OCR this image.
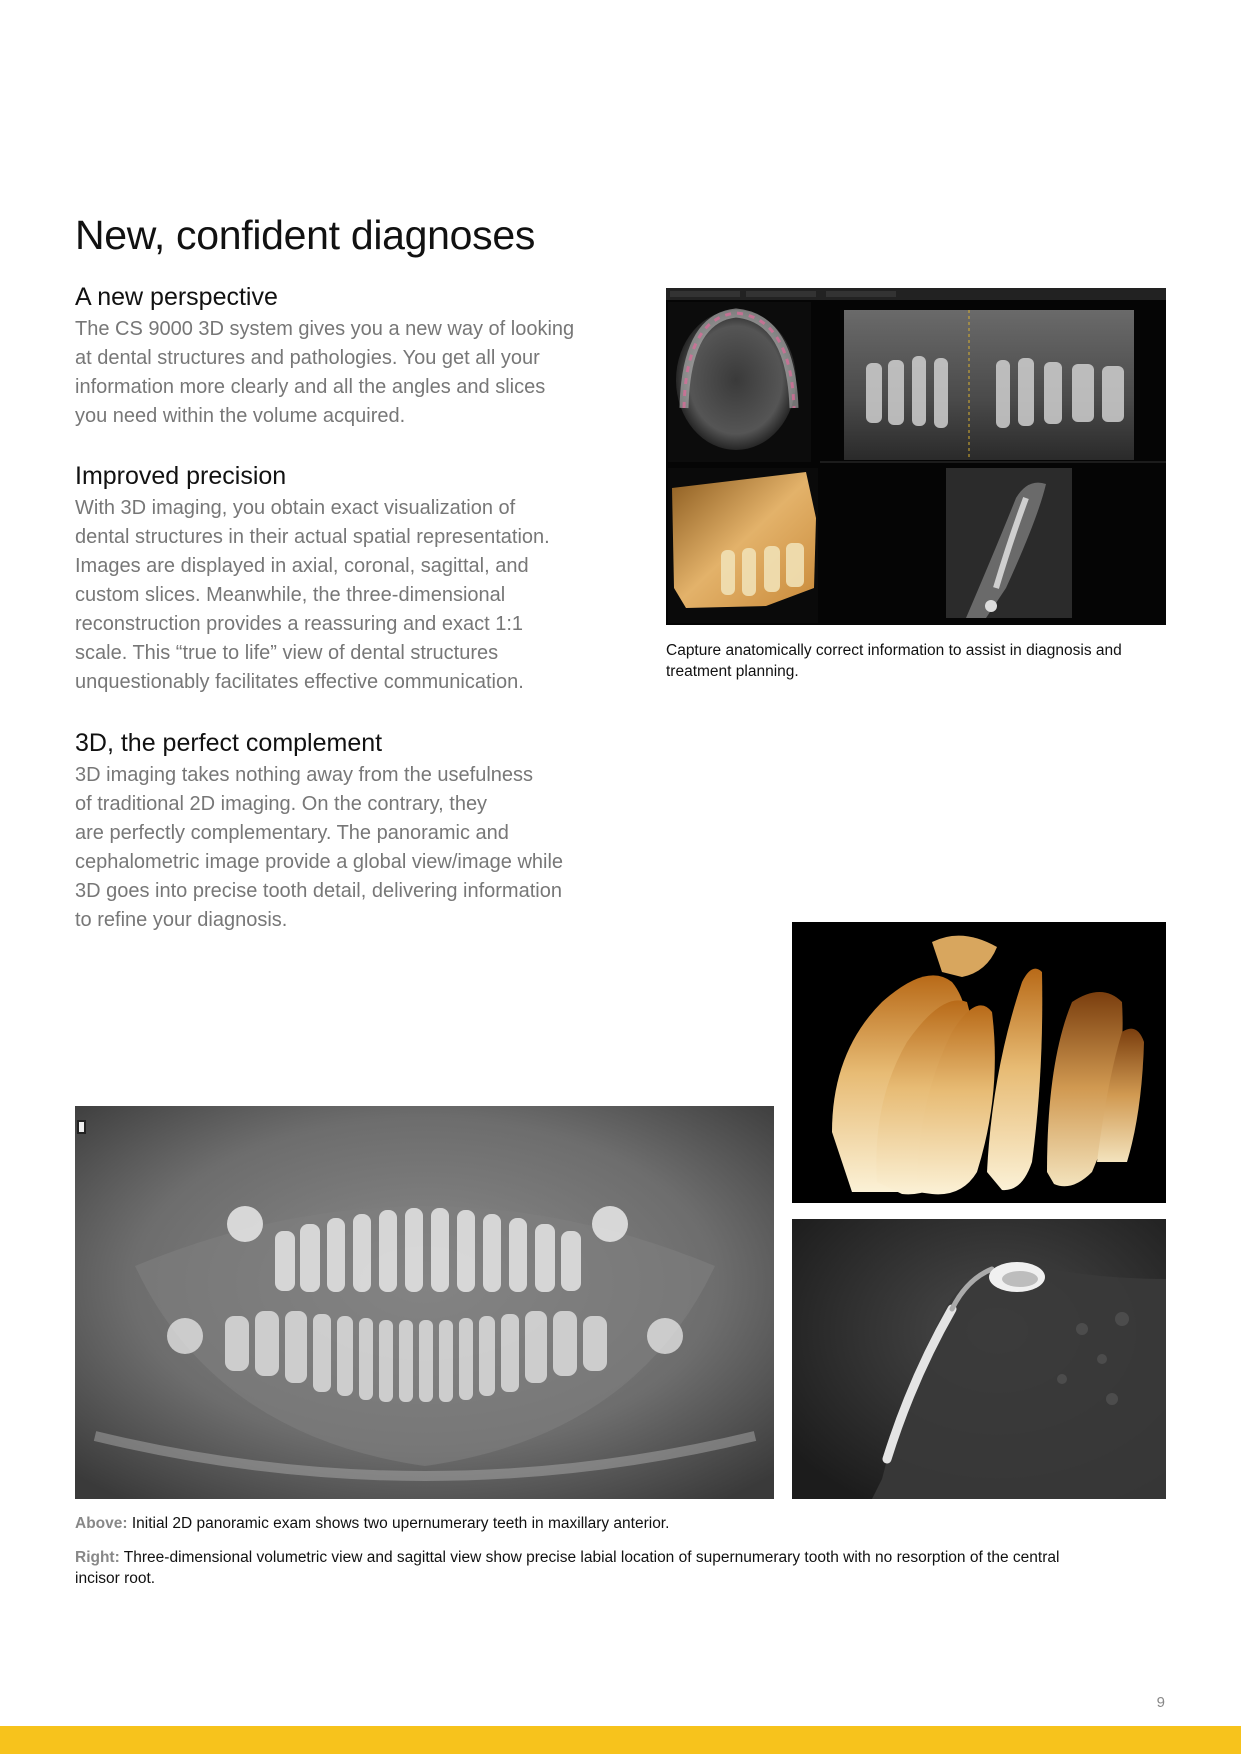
New, confident diagnoses
A new perspective

The CS 9000 3D system gives you a new way of looking
at dental structures and pathologies. You get all your
information more clearly and all the angles and slices
you need within the volume acquired.

Improved precision

With 3D imaging, you obtain exact visualization of
dental structures in their actual spatial representation.
Images are displayed in axial, coronal, sagittal, and
custom slices. Meanwhile, the three-dimensional
reconstruction provides a reassuring and exact 1:1
scale. This “true to life” view of dental structures
unquestionably facilitates effective communication.

3D, the perfect complement

3D imaging takes nothing away from the usefulness
of traditional 2D imaging. On the contrary, they
are perfectly complementary. The panoramic and
cephalometric image provide a global view/image while
3D goes into precise tooth detail, delivering information
to refine your diagnosis.

Capture anatomically correct information to assist in diagnosis and
treatment planning.

Above: Initial 2D panoramic exam shows two upernumerary teeth in maxillary anterior.

Right: Three-dimensional volumetric view and sagittal view show precise labial location of supernumerary tooth with no resorption of the central
incisor root.

9
